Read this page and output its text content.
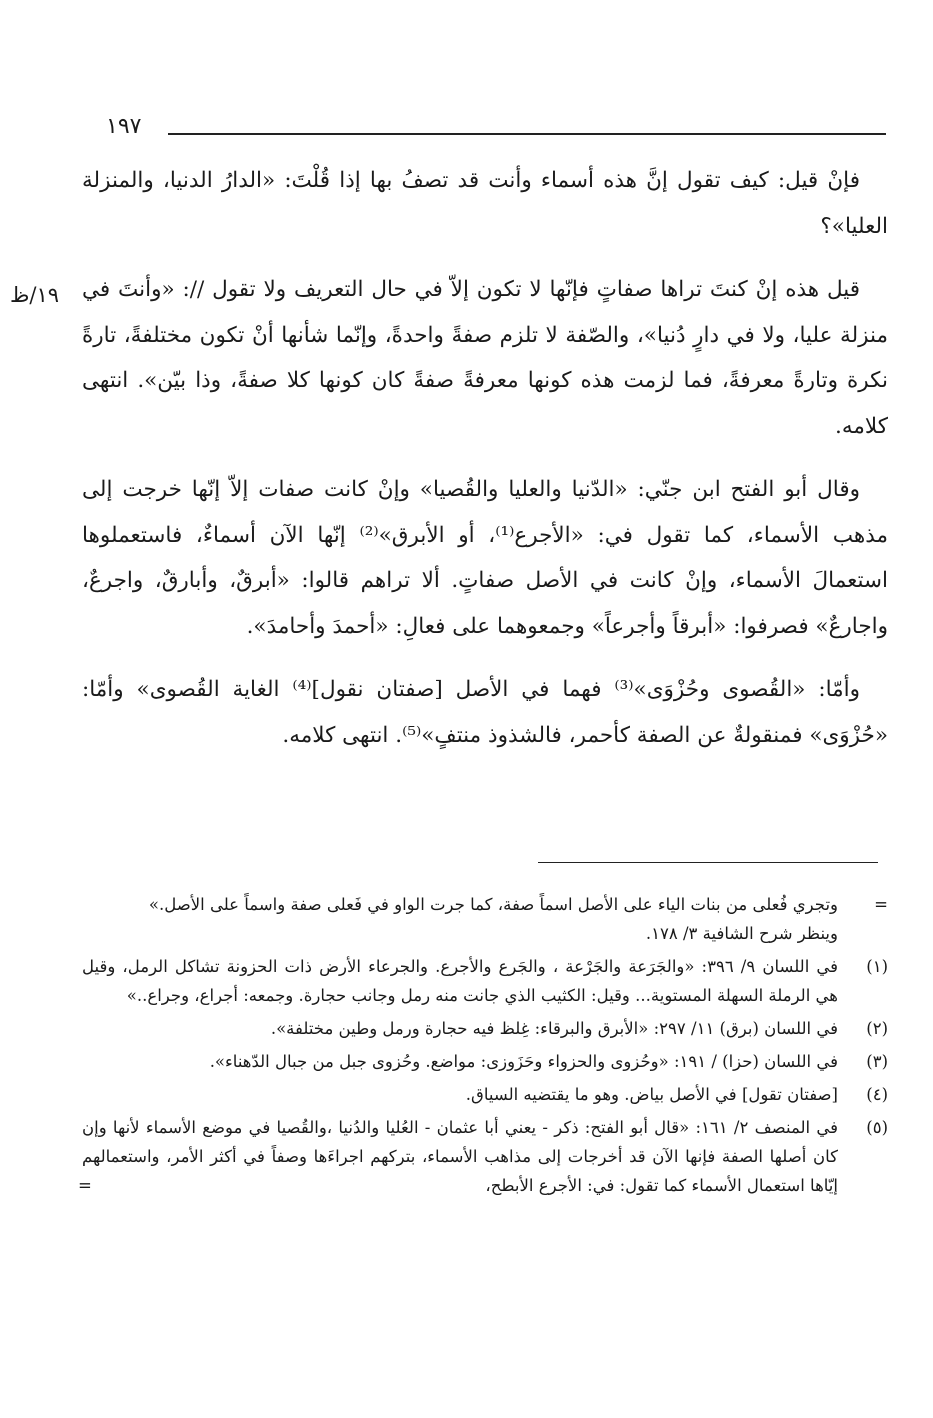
١٩٧
١٩/ظ

فإنْ قيل: كيف تقول إنَّ هذه أسماء وأنت قد تصفُ بها إذا قُلْتَ: «الدارُ الدنيا، والمنزلة العليا»؟

قيل هذه إنْ كنتَ تراها صفاتٍ فإنّها لا تكون إلاّ في حال التعريف ولا تقول //: «وأنتَ في منزلة عليا، ولا في دارٍ دُنيا»، والصّفة لا تلزم صفةً واحدةً، وإنّما شأنها أنْ تكون مختلفةً، تارةً نكرة وتارةً معرفةً، فما لزمت هذه كونها معرفةً صفةً كان كونها كلا صفةً، وذا بيّن». انتهى كلامه.

وقال أبو الفتح ابن جنّي: «الدّنيا والعليا والقُصيا» وإنْ كانت صفات إلاّ إنّها خرجت إلى مذهب الأسماء، كما تقول في: «الأجرع⁽¹⁾، أو الأبرق»⁽²⁾ إنّها الآن أسماءٌ، فاستعملوها استعمالَ الأسماء، وإنْ كانت في الأصل صفاتٍ. ألا تراهم قالوا: «أبرقٌ، وأبارقٌ، واجرعٌ، واجارعٌ» فصرفوا: «أبرقاً وأجرعاً» وجمعوهما على فعالِ: «أحمدَ وأحامدَ».

وأمّا: «القُصوى وحُزْوَى»⁽³⁾ فهما في الأصل [صفتان نقول]⁽⁴⁾ الغاية القُصوى» وأمّا: «حُزْوَى» فمنقولةٌ عن الصفة كأحمر، فالشذوذ منتفٍ»⁽⁵⁾. انتهى كلامه.

=
وتجري فُعلى من بنات الياء على الأصل اسماً صفة، كما جرت الواو في فَعلى صفة واسماً على الأصل.»
وينظر شرح الشافية ٣/ ١٧٨.
(١)
في اللسان ٩/ ٣٩٦: «والجَرَعة والجَرْعة ، والجَرع والأجرع. والجرعاء الأرض ذات الحزونة تشاكل الرمل، وقيل هي الرملة السهلة المستوية... وقيل: الكثيب الذي جانت منه رمل وجانب حجارة. وجمعه: أجراع، وجراع..»
(٢)
في اللسان (برق) ١١/ ٢٩٧: «الأبرق والبرقاء: غِلظ فيه حجارة ورمل وطين مختلفة».
(٣)
في اللسان (حزا) / ١٩١: «وحُزوى والحزواء وحَزَوزى: مواضع. وحُزوى جبل من جبال الدّهناء».
(٤)
[صفتان تقول] في الأصل بياض. وهو ما يقتضيه السياق.
(٥)
في المنصف ٢/ ١٦١: «قال أبو الفتح: ذكر - يعني أبا عثمان - العُليا والدُنيا ،والقُصيا في موضع الأسماء لأنها وإن كان أصلها الصفة فإنها الآن قد أخرجات إلى مذاهب الأسماء، بتركهم اجراءَها وصفاً في أكثر الأمر، واستعمالهم إيّاها استعمال الأسماء كما تقول: في: الأجرع الأبطح،
=
